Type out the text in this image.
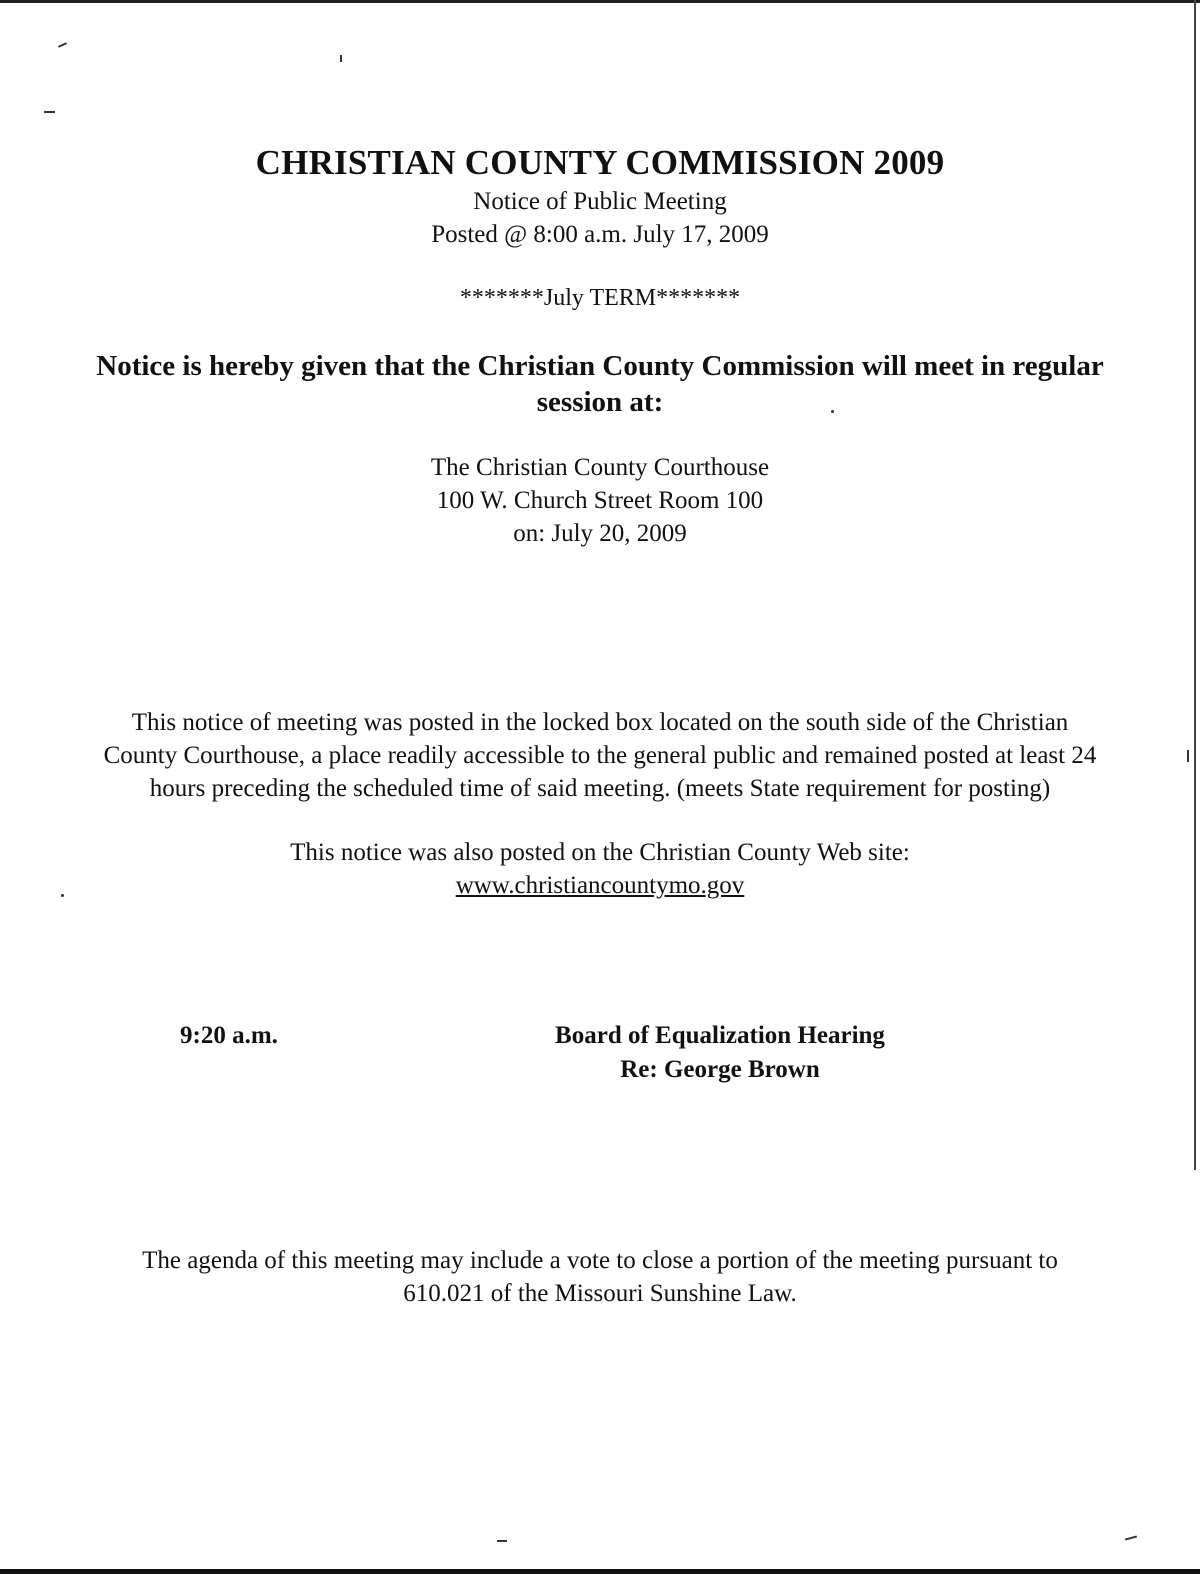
CHRISTIAN COUNTY COMMISSION 2009
Notice of Public Meeting
Posted @ 8:00 a.m. July 17, 2009
*******July TERM*******
Notice is hereby given that the Christian County Commission will meet in regular
session at:
The Christian County Courthouse
100 W. Church Street Room 100
on: July 20, 2009
This notice of meeting was posted in the locked box located on the south side of the Christian
County Courthouse, a place readily accessible to the general public and remained posted at least 24
hours preceding the scheduled time of said meeting. (meets State requirement for posting)
This notice was also posted on the Christian County Web site:
www.christiancountymo.gov
9:20 a.m.	Board of Equalization Hearing
Re: George Brown
The agenda of this meeting may include a vote to close a portion of the meeting pursuant to
610.021 of the Missouri Sunshine Law.
